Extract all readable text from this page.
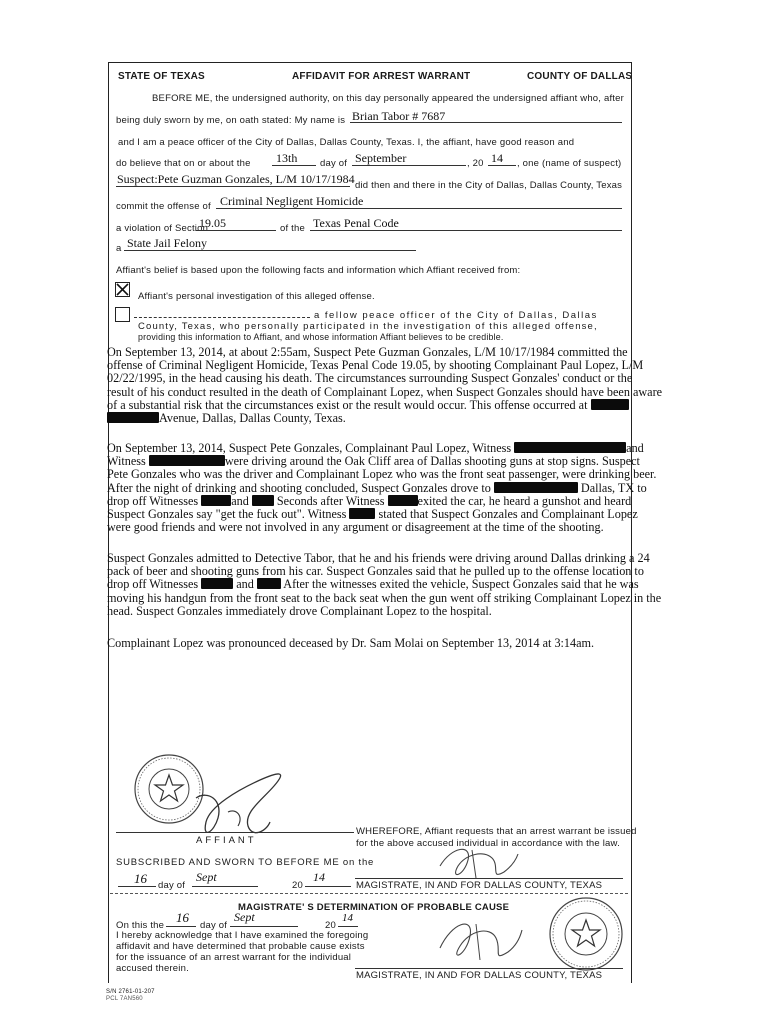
STATE OF TEXAS	AFFIDAVIT FOR ARREST WARRANT	COUNTY OF DALLAS
BEFORE ME, the undersigned authority, on this day personally appeared the undersigned affiant who, after
being duly sworn by me, on oath stated: My name is Brian Tabor # 7687
and I am a peace officer of the City of Dallas, Dallas County, Texas. I, the affiant, have good reason and
do believe that on or about the 13th day of September	, 20 14 , one (name of suspect)
Suspect:Pete Guzman Gonzales, L/M 10/17/1984 did then and there in the City of Dallas, Dallas County, Texas
commit the offense of Criminal Negligent Homicide
a violation of Section
19.05	of the Texas Penal Code
a State Jail Felony
Affiant's belief is based upon the following facts and information which Affiant received from:
Affiant's personal investigation of this alleged offense.
a fellow peace officer of the City of Dallas, Dallas
County, Texas, who personally participated in the investigation of this alleged offense,
providing this information to Affiant, and whose information Affiant believes to be credible.
On September 13, 2014, at about 2:55am, Suspect Pete Guzman Gonzales, L/M 10/17/1984 committed the
offense of Criminal Negligent Homicide, Texas Penal Code 19.05, by shooting Complainant Paul Lopez, L/M
02/22/1995, in the head causing his death. The circumstances surrounding Suspect Gonzales' conduct or the
result of his conduct resulted in the death of Complainant Lopez, when Suspect Gonzales should have been aware
of a substantial risk that the circumstances exist or the result would occur. This offense occurred at
Avenue, Dallas, Dallas County, Texas.
On September 13, 2014, Suspect Pete Gonzales, Complainant Paul Lopez, Witness	and
Witness	were driving around the Oak Cliff area of Dallas shooting guns at stop signs. Suspect
Pete Gonzales who was the driver and Complainant Lopez who was the front seat passenger, were drinking beer.
After the night of drinking and shooting concluded, Suspect Gonzales drove to	Dallas, TX to
drop off Witnesses	and Seconds after Witness	exited the car, he heard a gunshot and heard
Suspect Gonzales say "get the fuck out". Witness	stated that Suspect Gonzales and Complainant Lopez
were good friends and were not involved in any argument or disagreement at the time of the shooting.
Suspect Gonzales admitted to Detective Tabor, that he and his friends were driving around Dallas drinking a 24
pack of beer and shooting guns from his car. Suspect Gonzales said that he pulled up to the offense location to
drop off Witnesses	and After the witnesses exited the vehicle, Suspect Gonzales said that he was
moving his handgun from the front seat to the back seat when the gun went off striking Complainant Lopez in the
head. Suspect Gonzales immediately drove Complainant Lopez to the hospital.
Complainant Lopez was pronounced deceased by Dr. Sam Molai on September 13, 2014 at 3:14am.
AFFIANT
WHEREFORE, Affiant requests that an arrest warrant be issued
for the above accused individual in accordance with the law.
SUBSCRIBED AND SWORN TO BEFORE ME on the
16 day of
Sept
20
14
MAGISTRATE, IN AND FOR DALLAS COUNTY, TEXAS
MAGISTRATE' S DETERMINATION OF PROBABLE CAUSE
On this the
16
day of
Sept
20
14
I hereby acknowledge that I have examined the foregoing
affidavit and have determined that probable cause exists
for the issuance of an arrest warrant for the individual
accused therein.
MAGISTRATE, IN AND FOR DALLAS COUNTY, TEXAS
S/N 2761-01-207
PCL 7AN560
